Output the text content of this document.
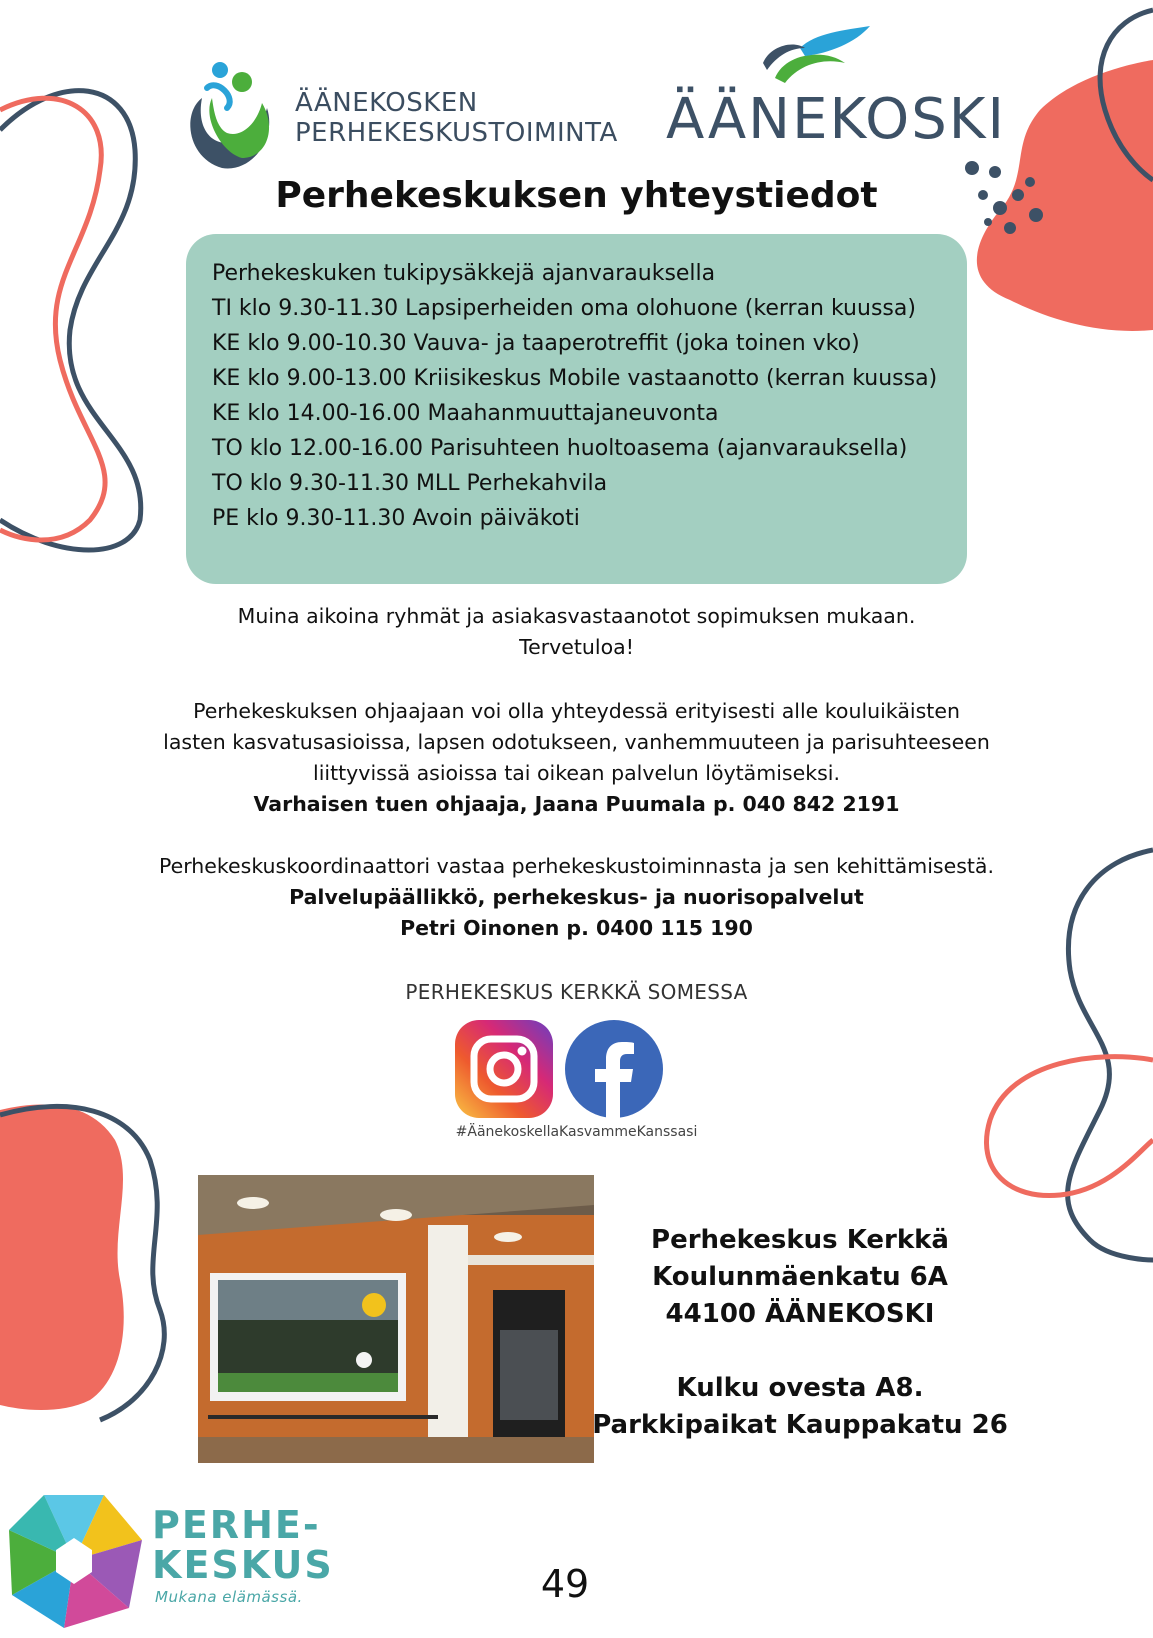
ÄÄNEKOSKEN
PERHEKESKUSTOIMINTA ÄÄNEKOSKI
Perhekeskuksen yhteystiedot
Perhekeskuken tukipysäkkejä ajanvarauksella
TI klo 9.30-11.30 Lapsiperheiden oma olohuone (kerran kuussa)
KE klo 9.00-10.30 Vauva- ja taaperotreffit (joka toinen vko)
KE klo 9.00-13.00 Kriisikeskus Mobile vastaanotto (kerran kuussa)
KE klo 14.00-16.00 Maahanmuuttajaneuvonta
TO klo 12.00-16.00 Parisuhteen huoltoasema (ajanvarauksella)
TO klo 9.30-11.30 MLL Perhekahvila
PE klo 9.30-11.30 Avoin päiväkoti
Muina aikoina ryhmät ja asiakasvastaanotot sopimuksen mukaan.
Tervetuloa!
Perhekeskuksen ohjaajaan voi olla yhteydessä erityisesti alle kouluikäisten
lasten kasvatusasioissa, lapsen odotukseen, vanhemmuuteen ja parisuhteeseen
liittyvissä asioissa tai oikean palvelun löytämiseksi.
Varhaisen tuen ohjaaja, Jaana Puumala p. 040 842 2191
Perhekeskuskoordinaattori vastaa perhekeskustoiminnasta ja sen kehittämisestä.
Palvelupäällikkö, perhekeskus- ja nuorisopalvelut
Petri Oinonen p. 0400 115 190
PERHEKESKUS KERKKÄ SOMESSA
#ÄänekoskellaKasvammeKanssasi
Perhekeskus Kerkkä
Koulunmäenkatu 6A
44100 ÄÄNEKOSKI
Kulku ovesta A8.
Parkkipaikat Kauppakatu 26
PERHE-
KESKUS
Mukana elämässä.	49
